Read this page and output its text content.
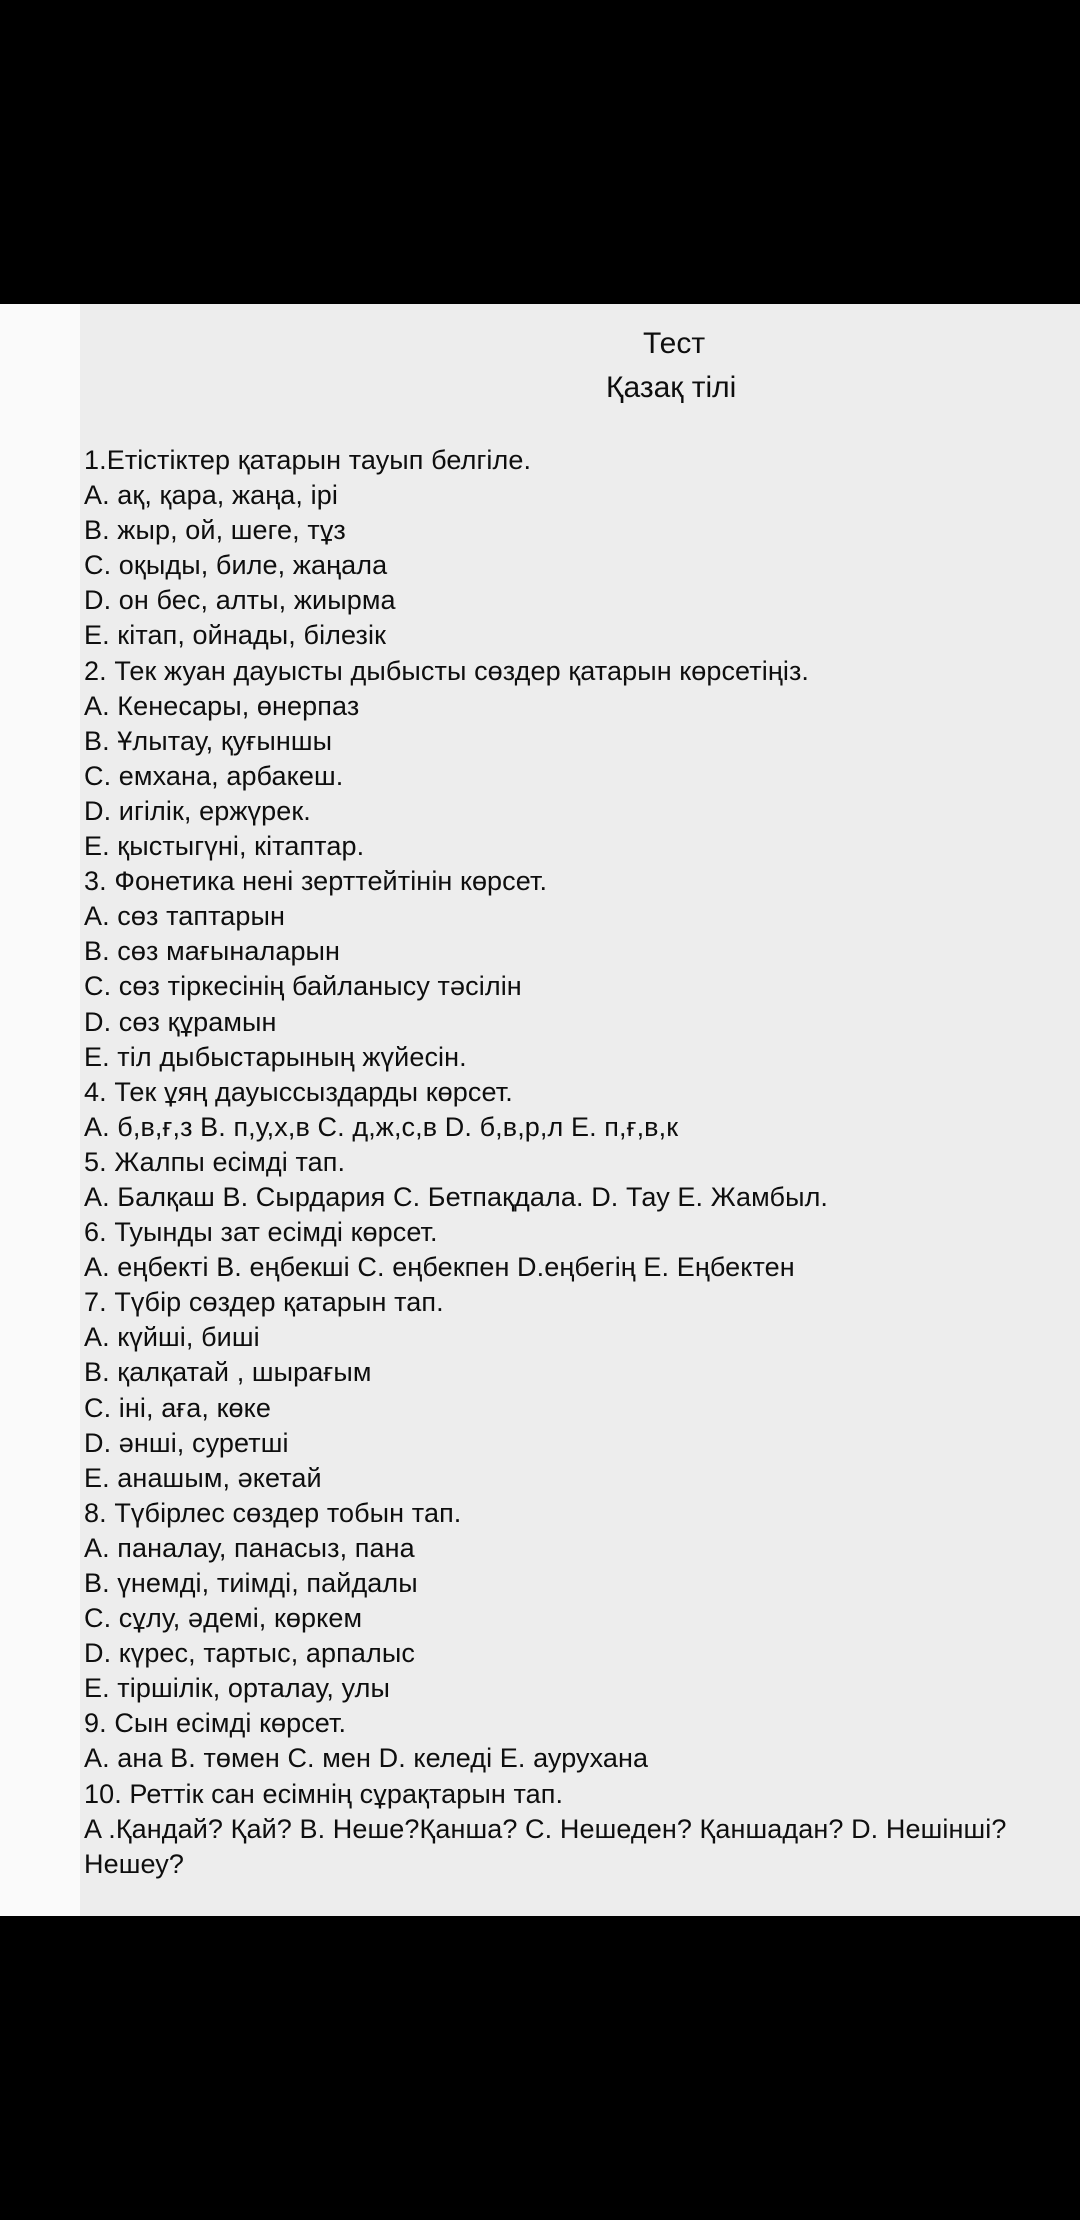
Тест
Қазақ тілі
1.Етістіктер қатарын тауып белгіле.
A. ақ, қара, жаңа, ірі
B. жыр, ой, шеге, тұз
C. оқыды, биле, жаңала
D. он бес, алты, жиырма
E. кітап, ойнады, білезік
2. Тек жуан дауысты дыбысты сөздер қатарын көрсетіңіз.
A. Кенесары, өнерпаз
B. Ұлытау, қуғыншы
C. емхана, арбакеш.
D. игілік, ержүрек.
E. қыстыгүні, кітаптар.
3. Фонетика нені зерттейтінін көрсет.
A. сөз таптарын
B. сөз мағыналарын
C. сөз тіркесінің байланысу тәсілін
D. сөз құрамын
E. тіл дыбыстарының жүйесін.
4. Тек ұяң дауыссыздарды көрсет.
A. б,в,ғ,з B. п,у,х,в C. д,ж,с,в D. б,в,р,л E. п,ғ,в,к
5. Жалпы есімді тап.
A. Балқаш B. Сырдария C. Бетпақдала. D. Тау E. Жамбыл.
6. Туынды зат есімді көрсет.
A. еңбекті B. еңбекші C. еңбекпен D.еңбегің E. Еңбектен
7. Түбір сөздер қатарын тап.
A. күйші, биші
B. қалқатай , шырағым
C. іні, аға, көке
D. әнші, суретші
E. анашым, әкетай
8. Түбірлес сөздер тобын тап.
A. паналау, панасыз, пана
B. үнемді, тиімді, пайдалы
C. сұлу, әдемі, көркем
D. күрес, тартыс, арпалыс
E. тіршілік, орталау, улы
9. Сын есімді көрсет.
A. ана B. төмен C. мен D. келеді E. аурухана
10. Реттік сан есімнің сұрақтарын тап.
A .Қандай? Қай? B. Неше?Қанша? C. Нешеден? Қаншадан? D. Нешінші?
Нешеу?
